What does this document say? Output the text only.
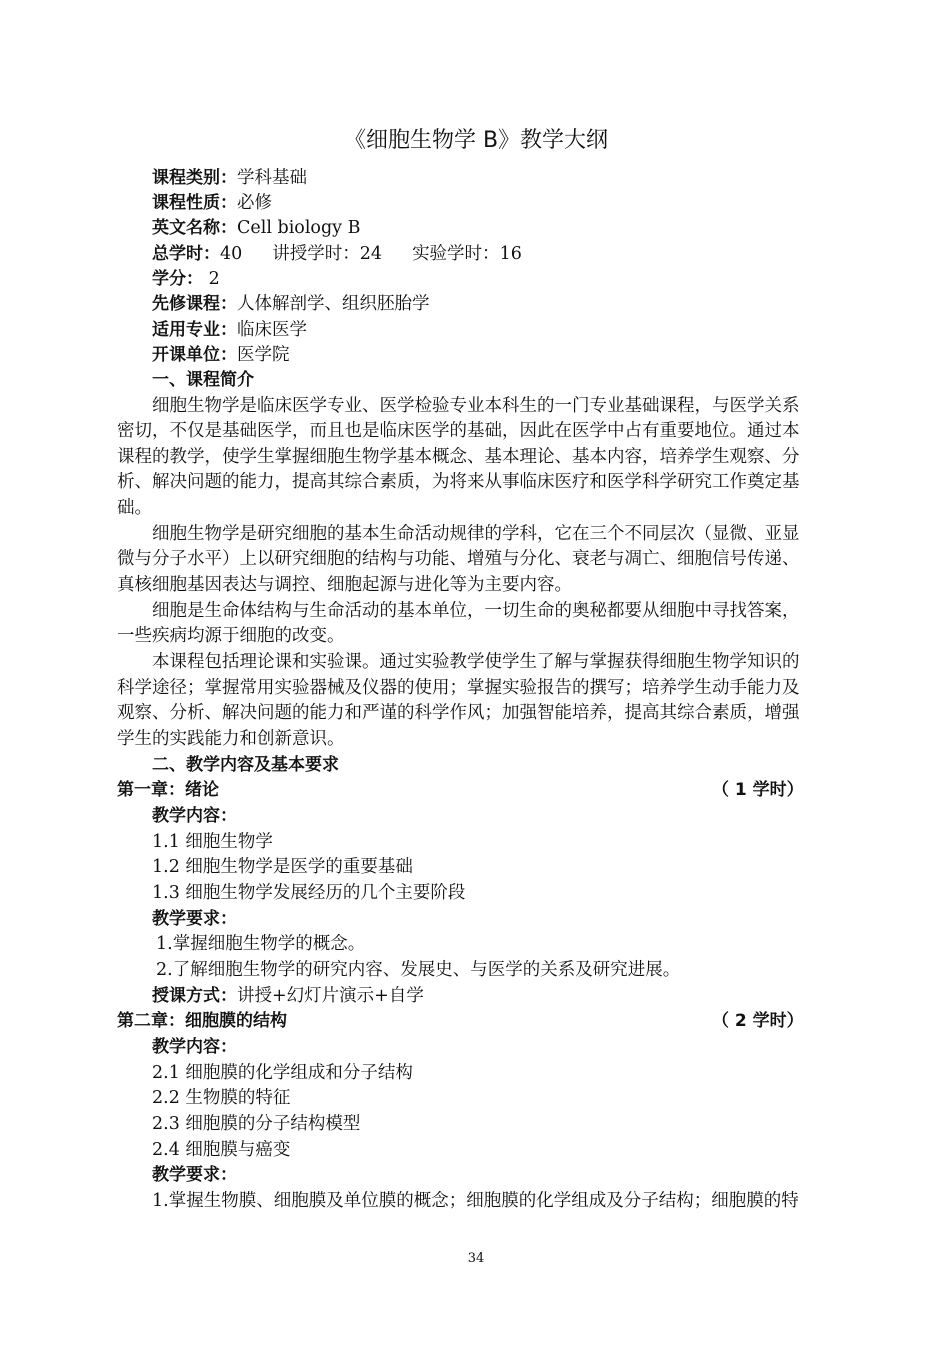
《细胞生物学 B》教学大纲
课程类别：学科基础
课程性质：必修
英文名称：Cell biology B
总学时：40 讲授学时：24 实验学时：16
学分： 2
先修课程：人体解剖学、组织胚胎学
适用专业：临床医学
开课单位：医学院
一、课程简介
细胞生物学是临床医学专业、医学检验专业本科生的一门专业基础课程，与医学关系
密切，不仅是基础医学，而且也是临床医学的基础，因此在医学中占有重要地位。通过本
课程的教学，使学生掌握细胞生物学基本概念、基本理论、基本内容，培养学生观察、分
析、解决问题的能力，提高其综合素质，为将来从事临床医疗和医学科学研究工作奠定基
础。
细胞生物学是研究细胞的基本生命活动规律的学科，它在三个不同层次（显微、亚显
微与分子水平）上以研究细胞的结构与功能、增殖与分化、衰老与凋亡、细胞信号传递、
真核细胞基因表达与调控、细胞起源与进化等为主要内容。
细胞是生命体结构与生命活动的基本单位，一切生命的奥秘都要从细胞中寻找答案，
一些疾病均源于细胞的改变。
本课程包括理论课和实验课。通过实验教学使学生了解与掌握获得细胞生物学知识的
科学途径；掌握常用实验器械及仪器的使用；掌握实验报告的撰写；培养学生动手能力及
观察、分析、解决问题的能力和严谨的科学作风；加强智能培养，提高其综合素质，增强
学生的实践能力和创新意识。
二、教学内容及基本要求
第一章：绪论	（ 1 学时）
教学内容：
1.1 细胞生物学
1.2 细胞生物学是医学的重要基础
1.3 细胞生物学发展经历的几个主要阶段
教学要求：
1.掌握细胞生物学的概念。
2.了解细胞生物学的研究内容、发展史、与医学的关系及研究进展。
授课方式：讲授+幻灯片演示+自学
第二章：细胞膜的结构	（ 2 学时）
教学内容：
2.1 细胞膜的化学组成和分子结构
2.2 生物膜的特征
2.3 细胞膜的分子结构模型
2.4 细胞膜与癌变
教学要求：
1.掌握生物膜、细胞膜及单位膜的概念；细胞膜的化学组成及分子结构；细胞膜的特
34
